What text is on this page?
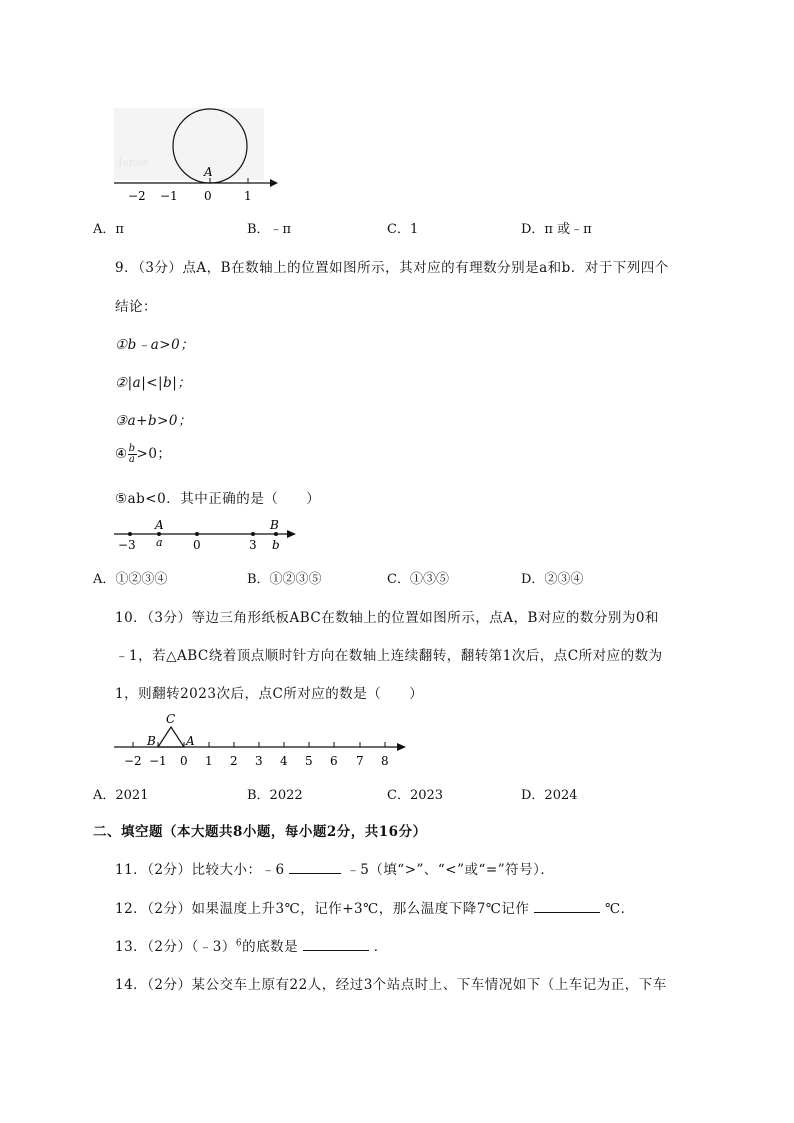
Janes
A
−2 −1 0	1
A．π	B．﹣π	C．1	D．π 或﹣π
9．（3分）点A，B在数轴上的位置如图所示，其对应的有理数分别是a和b．对于下列四个
结论：
①b﹣a>0；
②|a|<|b|；
③a+b>0；
④ $\frac{b}{a} >0$；
⑤ab<0．其中正确的是（　　）
A	B
−3 a	0	3 b
A．①②③④	B．①②③⑤	C．①③⑤	D．②③④
10．（3分）等边三角形纸板ABC在数轴上的位置如图所示，点A，B对应的数分别为0和
﹣1，若△ABC绕着顶点顺时针方向在数轴上连续翻转，翻转第1次后，点C所对应的数为
1，则翻转2023次后，点C所对应的数是（　　）
C
B	A
−2 −1 0 1 2 3 4 5 6 7 8
A．2021	B．2022	C．2023	D．2024
二、填空题（本大题共8小题，每小题2分，共16分）
11．（2分）比较大小：﹣6	﹣5（填“>”、“<”或“=”符号）．
12．（2分）如果温度上升3℃，记作+3℃，那么温度下降7℃记作	℃．
13．（2分）（﹣3）$^6$的底数是	．
14．（2分）某公交车上原有22人，经过3个站点时上、下车情况如下（上车记为正，下车
